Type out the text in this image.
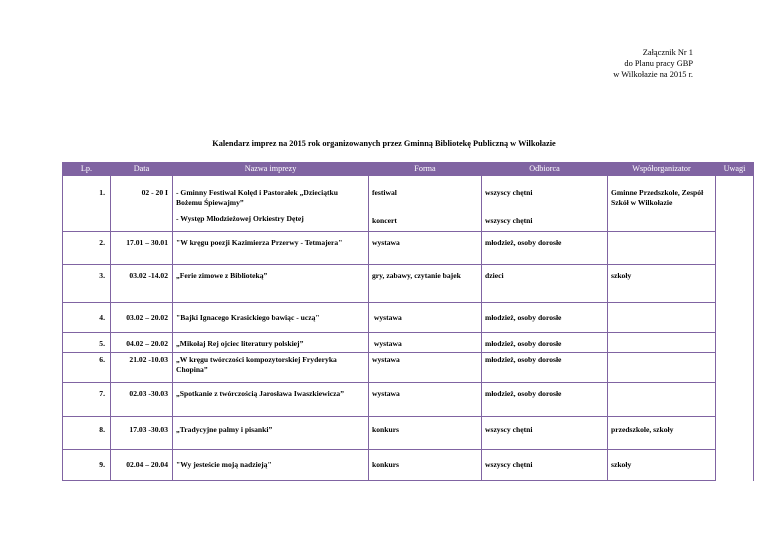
Załącznik Nr 1
do Planu pracy GBP
w Wilkołazie na 2015 r.
Kalendarz imprez na 2015 rok organizowanych przez Gminną Bibliotekę Publiczną w Wilkołazie
Lp.	Data	Nazwa imprezy	Forma	Odbiorca	Współorganizator	Uwagi
1.	02 - 20 I	- Gminny Festiwal Kolęd i Pastorałek „Dzieciątku Bożemu Śpiewajmy”	festiwal	wszyscy chętni	Gminne Przedszkole, Zespół Szkół w Wilkołazie	
		- Występ Młodzieżowej Orkiestry Dętej	koncert	wszyscy chętni		
2.	17.01 – 30.01	"W kręgu poezji Kazimierza Przerwy - Tetmajera"	wystawa	młodzież, osoby dorosłe		
3.	03.02 -14.02	„Ferie zimowe z Biblioteką”	gry, zabawy, czytanie bajek	dzieci	szkoły	
4.	03.02 – 20.02	"Bajki Ignacego Krasickiego bawiąc - uczą"	wystawa	młodzież, osoby dorosłe		
5.	04.02 – 20.02	„Mikołaj Rej ojciec literatury polskiej”	wystawa	młodzież, osoby dorosłe		
6.	21.02 -10.03	„W kręgu twórczości kompozytorskiej Fryderyka Chopina”	wystawa	młodzież, osoby dorosłe		
7.	02.03 -30.03	„Spotkanie z twórczością Jarosława Iwaszkiewicza”	wystawa	młodzież, osoby dorosłe		
8.	17.03 -30.03	„Tradycyjne palmy i pisanki”	konkurs	wszyscy chętni	przedszkole, szkoły	
9.	02.04 – 20.04	"Wy jesteście moją nadzieją"	konkurs	wszyscy chętni	szkoły	
